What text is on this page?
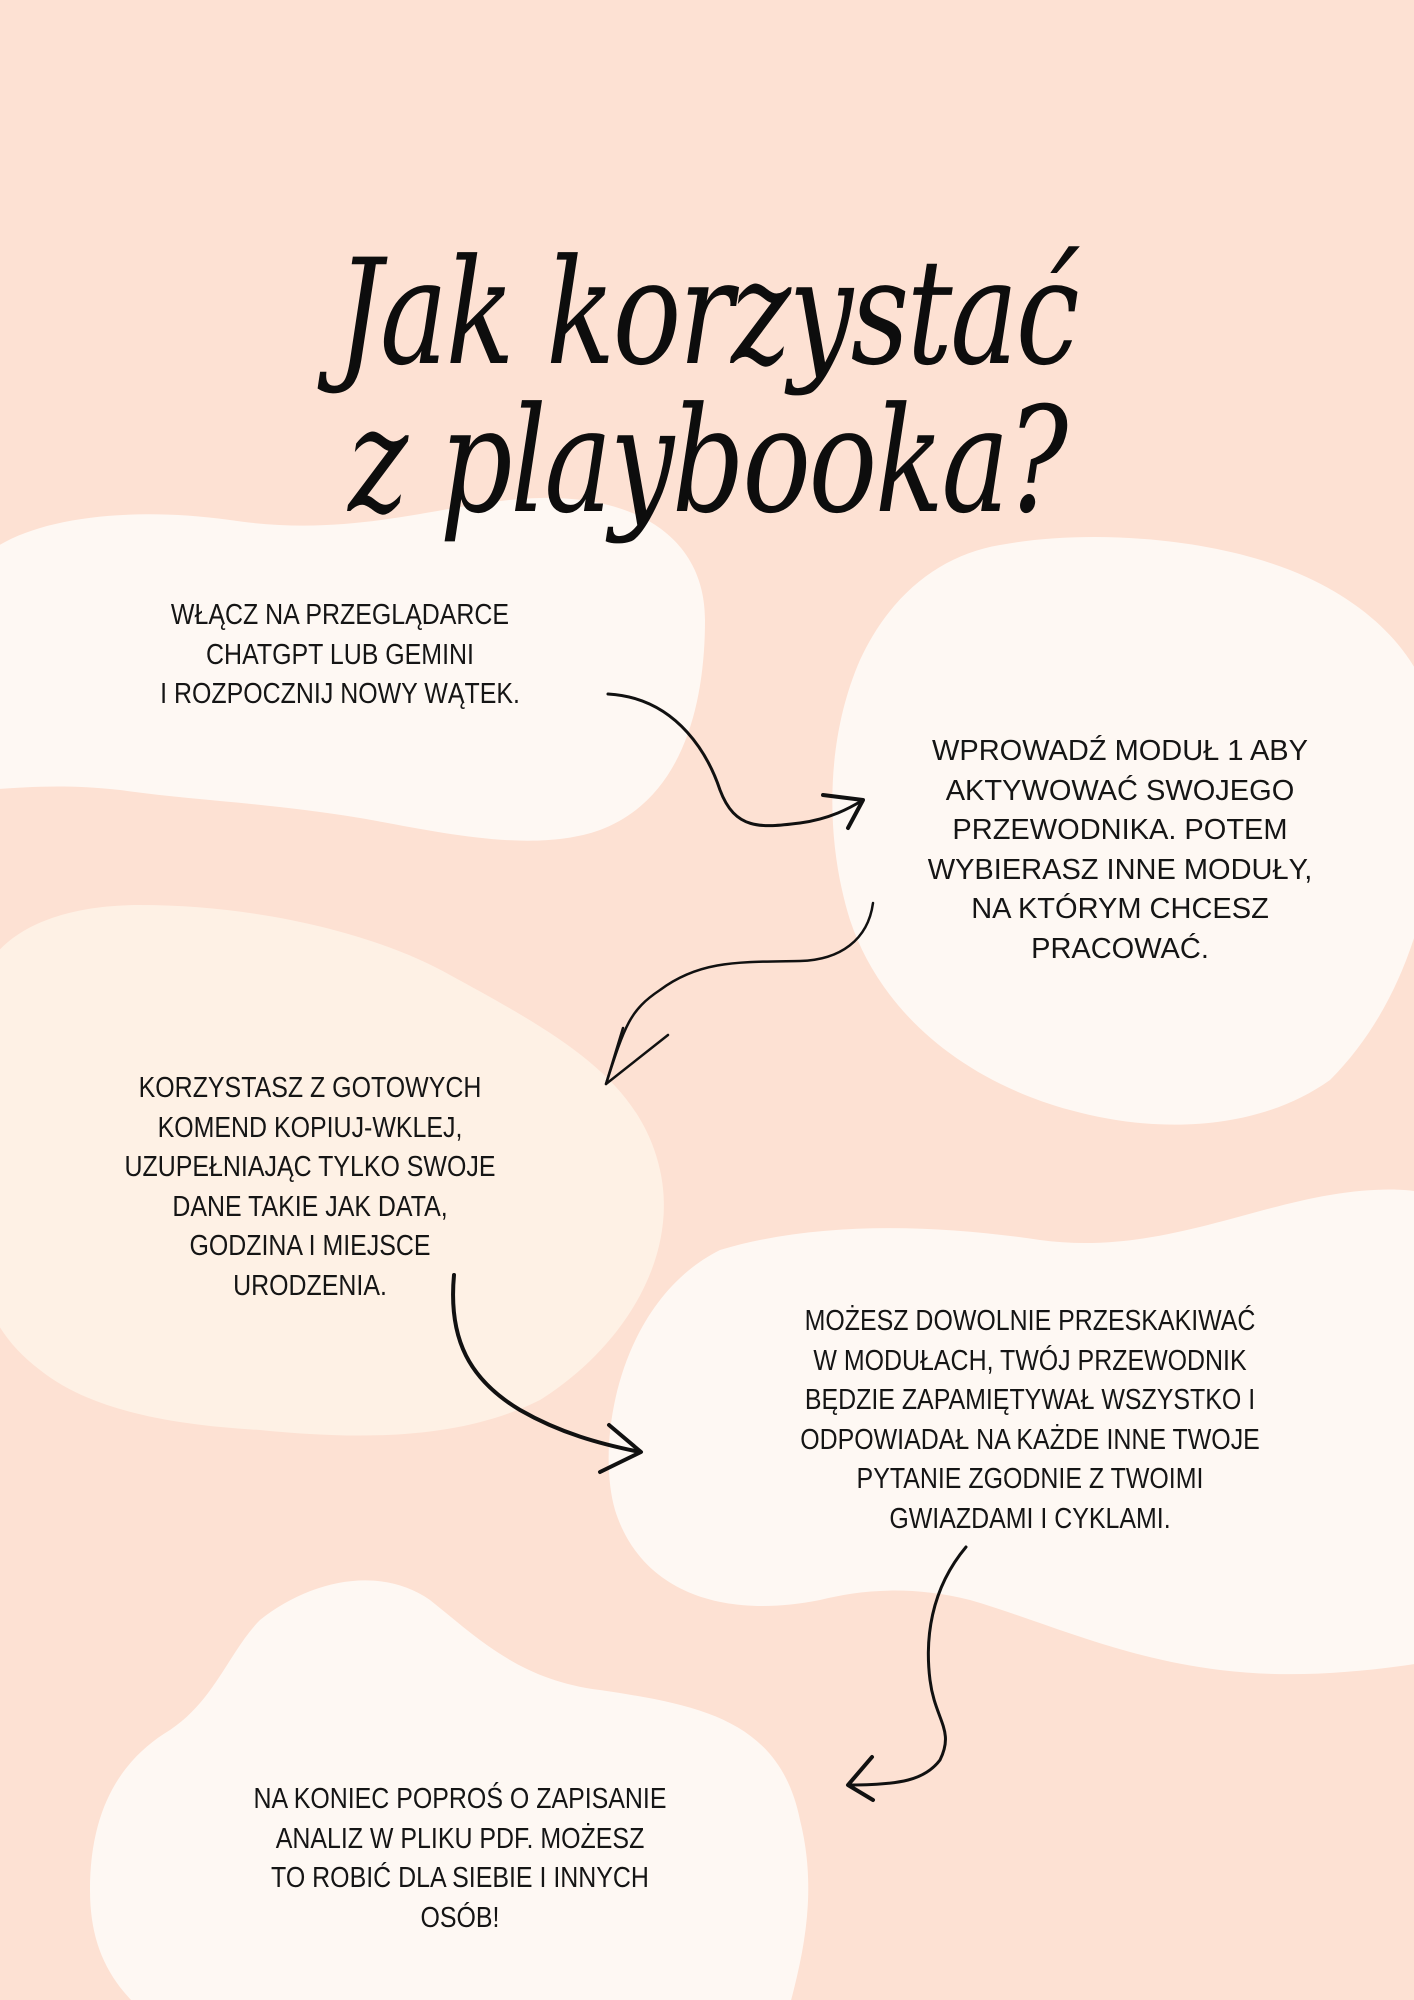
Jak korzystać
z playbooka?
WŁĄCZ NA PRZEGLĄDARCE
CHATGPT LUB GEMINI
I ROZPOCZNIJ NOWY WĄTEK.
WPROWADŹ MODUŁ 1 ABY
AKTYWOWAĆ SWOJEGO
PRZEWODNIKA. POTEM
WYBIERASZ INNE MODUŁY,
NA KTÓRYM CHCESZ
PRACOWAĆ.
KORZYSTASZ Z GOTOWYCH
KOMEND KOPIUJ-WKLEJ,
UZUPEŁNIAJĄC TYLKO SWOJE
DANE TAKIE JAK DATA,
GODZINA I MIEJSCE
URODZENIA.
MOŻESZ DOWOLNIE PRZESKAKIWAĆ
W MODUŁACH, TWÓJ PRZEWODNIK
BĘDZIE ZAPAMIĘTYWAŁ WSZYSTKO I
ODPOWIADAŁ NA KAŻDE INNE TWOJE
PYTANIE ZGODNIE Z TWOIMI
GWIAZDAMI I CYKLAMI.
NA KONIEC POPROŚ O ZAPISANIE
ANALIZ W PLIKU PDF. MOŻESZ
TO ROBIĆ DLA SIEBIE I INNYCH
OSÓB!
